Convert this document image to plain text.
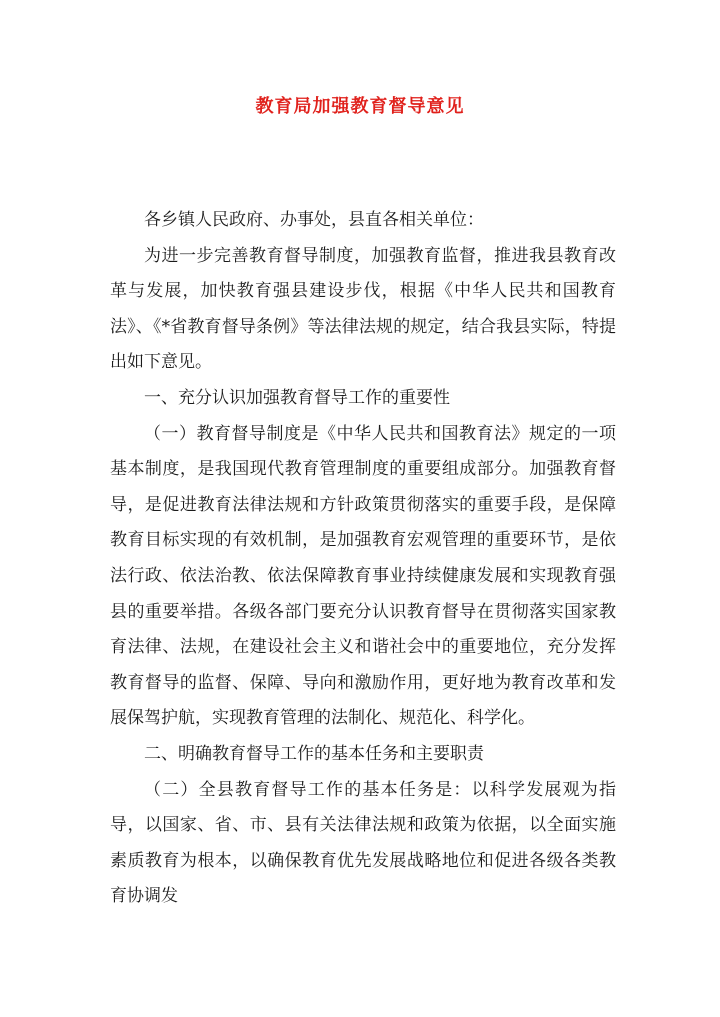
教育局加强教育督导意见

各乡镇人民政府、办事处，县直各相关单位：

为进一步完善教育督导制度，加强教育监督，推进我县教育改革与发展，加快教育强县建设步伐，根据《中华人民共和国教育法》、《*省教育督导条例》等法律法规的规定，结合我县实际，特提出如下意见。

一、充分认识加强教育督导工作的重要性

（一）教育督导制度是《中华人民共和国教育法》规定的一项基本制度，是我国现代教育管理制度的重要组成部分。加强教育督导，是促进教育法律法规和方针政策贯彻落实的重要手段，是保障教育目标实现的有效机制，是加强教育宏观管理的重要环节，是依法行政、依法治教、依法保障教育事业持续健康发展和实现教育强县的重要举措。各级各部门要充分认识教育督导在贯彻落实国家教育法律、法规，在建设社会主义和谐社会中的重要地位，充分发挥教育督导的监督、保障、导向和激励作用，更好地为教育改革和发展保驾护航，实现教育管理的法制化、规范化、科学化。

二、明确教育督导工作的基本任务和主要职责

（二）全县教育督导工作的基本任务是：以科学发展观为指导，以国家、省、市、县有关法律法规和政策为依据，以全面实施素质教育为根本，以确保教育优先发展战略地位和促进各级各类教育协调发
